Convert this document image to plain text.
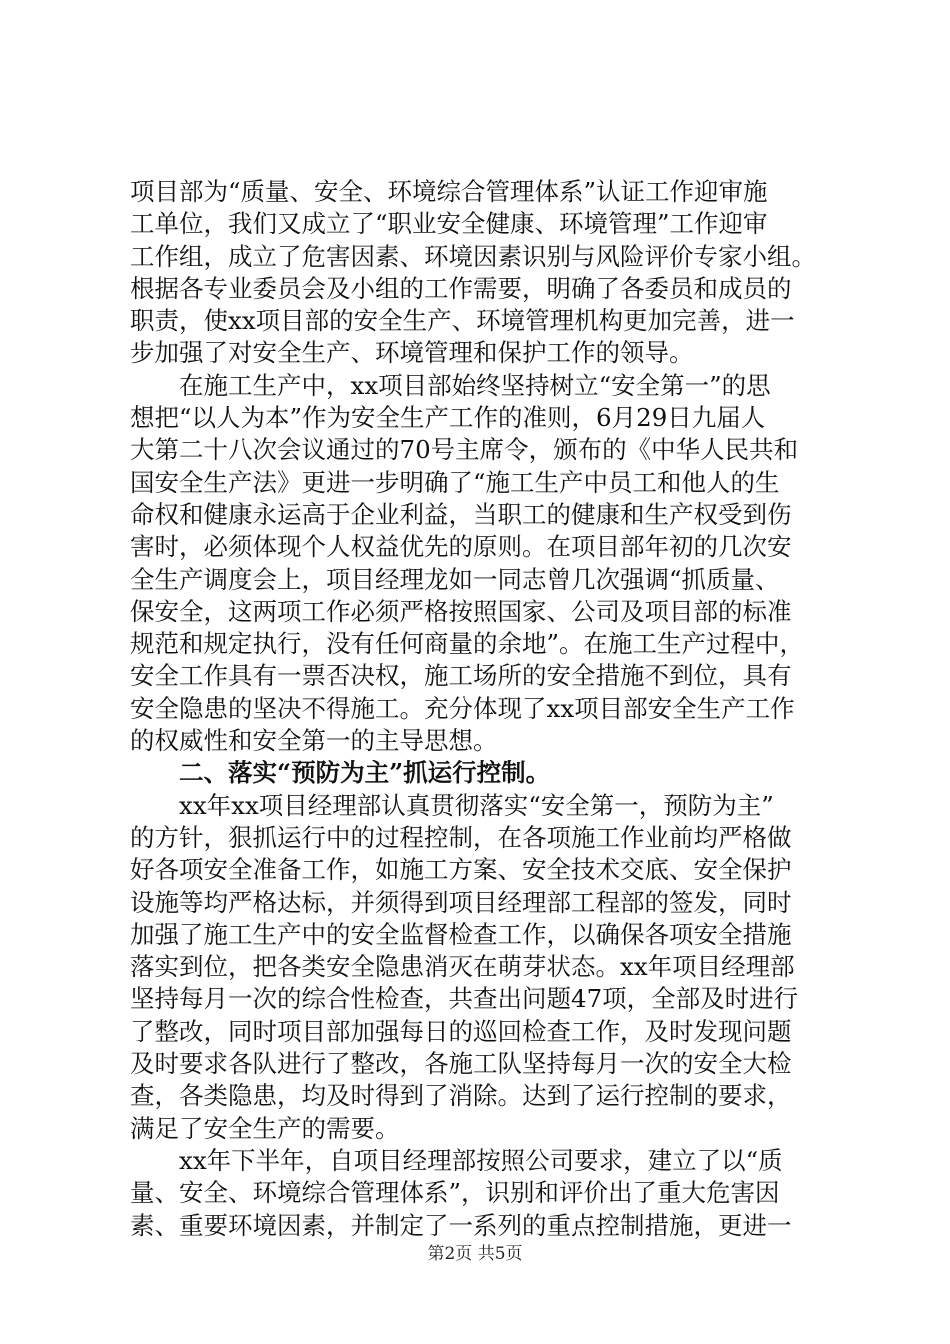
项目部为“质量、安全、环境综合管理体系”认证工作迎审施
工单位，我们又成立了“职业安全健康、环境管理”工作迎审
工作组，成立了危害因素、环境因素识别与风险评价专家小组。
根据各专业委员会及小组的工作需要，明确了各委员和成员的
职责，使xx项目部的安全生产、环境管理机构更加完善，进一
步加强了对安全生产、环境管理和保护工作的领导。
在施工生产中，xx项目部始终坚持树立“安全第一”的思
想把“以人为本”作为安全生产工作的准则，6月29日九届人
大第二十八次会议通过的70号主席令，颁布的《中华人民共和
国安全生产法》更进一步明确了“施工生产中员工和他人的生
命权和健康永运高于企业利益，当职工的健康和生产权受到伤
害时，必须体现个人权益优先的原则。在项目部年初的几次安
全生产调度会上，项目经理龙如一同志曾几次强调“抓质量、
保安全，这两项工作必须严格按照国家、公司及项目部的标准
规范和规定执行，没有任何商量的余地”。在施工生产过程中，
安全工作具有一票否决权，施工场所的安全措施不到位，具有
安全隐患的坚决不得施工。充分体现了xx项目部安全生产工作
的权威性和安全第一的主导思想。
二、落实“预防为主”抓运行控制。
xx年xx项目经理部认真贯彻落实“安全第一，预防为主”
的方针，狠抓运行中的过程控制，在各项施工作业前均严格做
好各项安全准备工作，如施工方案、安全技术交底、安全保护
设施等均严格达标，并须得到项目经理部工程部的签发，同时
加强了施工生产中的安全监督检查工作，以确保各项安全措施
落实到位，把各类安全隐患消灭在萌芽状态。xx年项目经理部
坚持每月一次的综合性检查，共查出问题47项，全部及时进行
了整改，同时项目部加强每日的巡回检查工作，及时发现问题
及时要求各队进行了整改，各施工队坚持每月一次的安全大检
查，各类隐患，均及时得到了消除。达到了运行控制的要求，
满足了安全生产的需要。
xx年下半年，自项目经理部按照公司要求，建立了以“质
量、安全、环境综合管理体系”，识别和评价出了重大危害因
素、重要环境因素，并制定了一系列的重点控制措施，更进一
第2页 共5页
